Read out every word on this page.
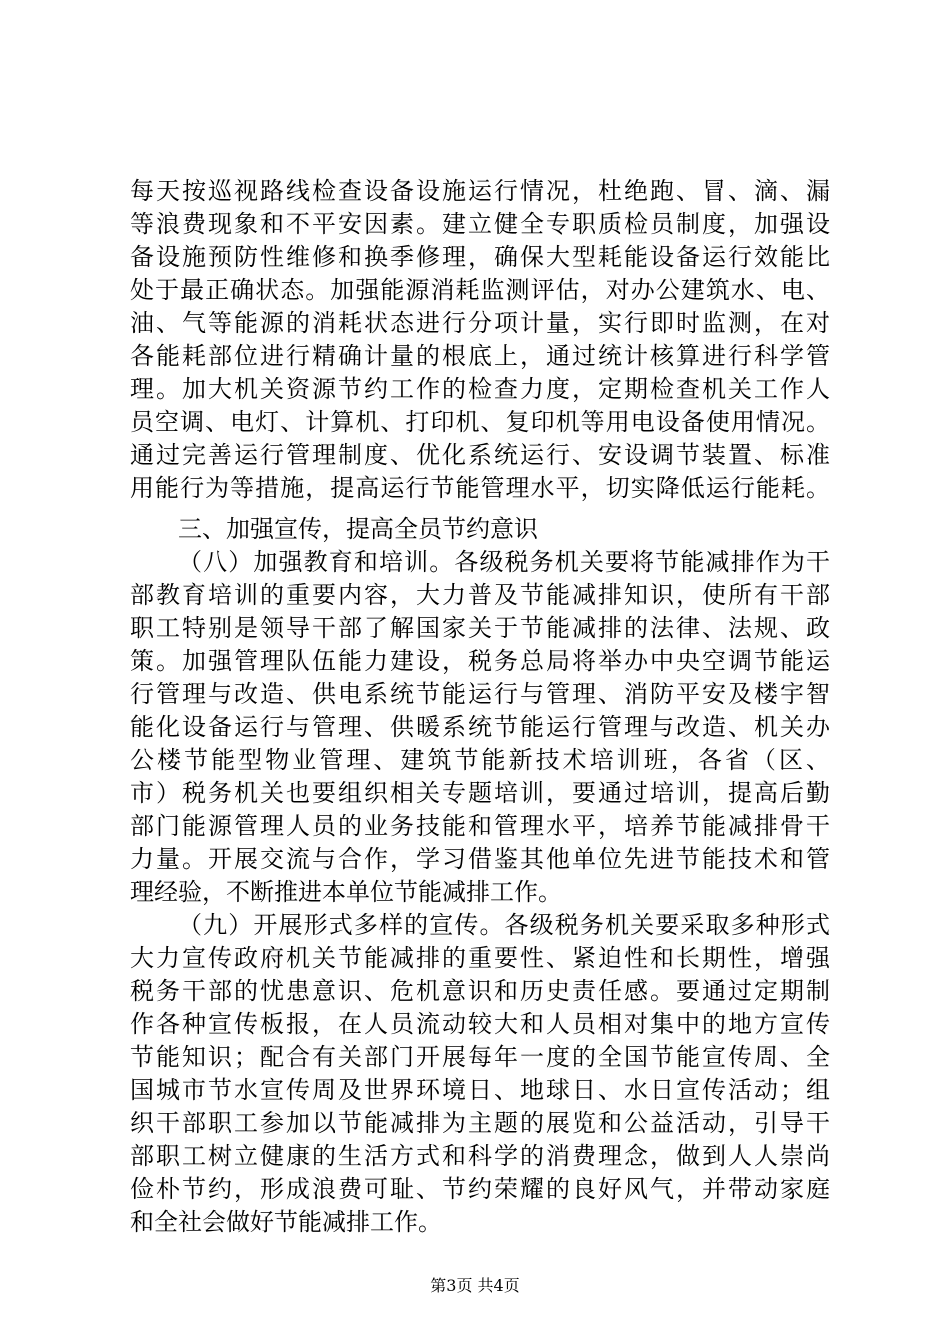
每天按巡视路线检查设备设施运行情况，杜绝跑、冒、滴、漏
等浪费现象和不平安因素。建立健全专职质检员制度，加强设
备设施预防性维修和换季修理，确保大型耗能设备运行效能比
处于最正确状态。加强能源消耗监测评估，对办公建筑水、电、
油、气等能源的消耗状态进行分项计量，实行即时监测，在对
各能耗部位进行精确计量的根底上，通过统计核算进行科学管
理。加大机关资源节约工作的检查力度，定期检查机关工作人
员空调、电灯、计算机、打印机、复印机等用电设备使用情况。
通过完善运行管理制度、优化系统运行、安设调节装置、标准
用能行为等措施，提高运行节能管理水平，切实降低运行能耗。
三、加强宣传，提高全员节约意识
（八）加强教育和培训。各级税务机关要将节能减排作为干
部教育培训的重要内容，大力普及节能减排知识，使所有干部
职工特别是领导干部了解国家关于节能减排的法律、法规、政
策。加强管理队伍能力建设，税务总局将举办中央空调节能运
行管理与改造、供电系统节能运行与管理、消防平安及楼宇智
能化设备运行与管理、供暖系统节能运行管理与改造、机关办
公楼节能型物业管理、建筑节能新技术培训班，各省（区、
市）税务机关也要组织相关专题培训，要通过培训，提高后勤
部门能源管理人员的业务技能和管理水平，培养节能减排骨干
力量。开展交流与合作，学习借鉴其他单位先进节能技术和管
理经验，不断推进本单位节能减排工作。
（九）开展形式多样的宣传。各级税务机关要采取多种形式
大力宣传政府机关节能减排的重要性、紧迫性和长期性，增强
税务干部的忧患意识、危机意识和历史责任感。要通过定期制
作各种宣传板报，在人员流动较大和人员相对集中的地方宣传
节能知识；配合有关部门开展每年一度的全国节能宣传周、全
国城市节水宣传周及世界环境日、地球日、水日宣传活动；组
织干部职工参加以节能减排为主题的展览和公益活动，引导干
部职工树立健康的生活方式和科学的消费理念，做到人人崇尚
俭朴节约，形成浪费可耻、节约荣耀的良好风气，并带动家庭
和全社会做好节能减排工作。
第3页 共4页
